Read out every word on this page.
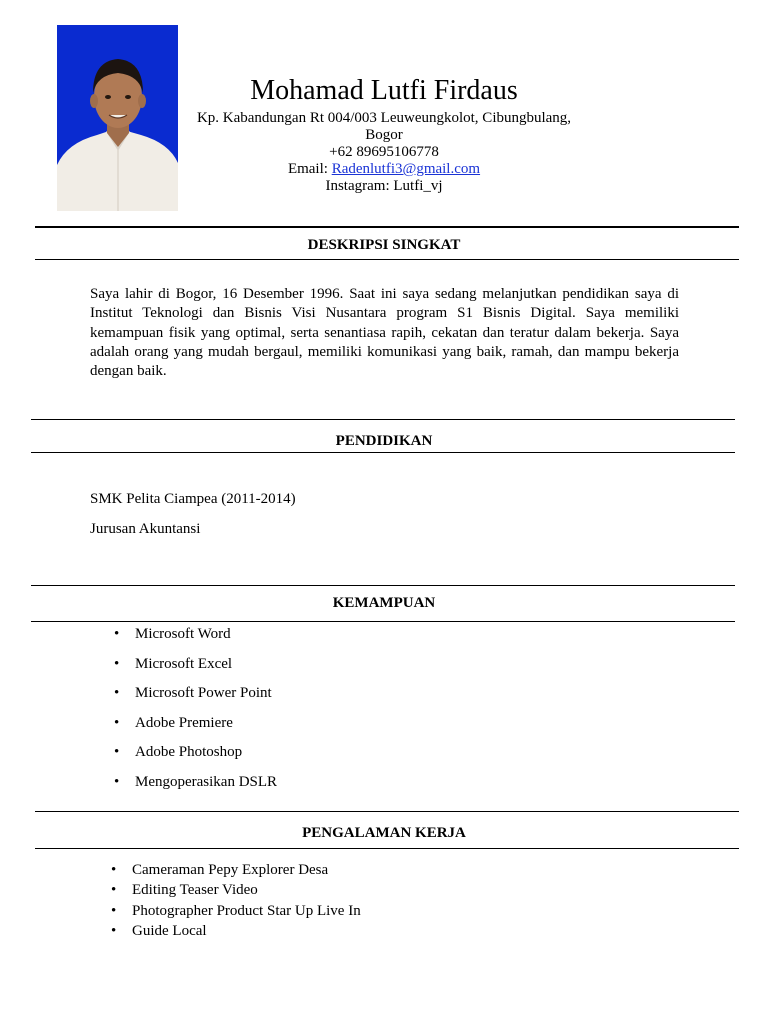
Mohamad Lutfi Firdaus
Kp. Kabandungan Rt 004/003 Leuweungkolot, Cibungbulang,
Bogor
+62 89695106778
Email: Radenlutfi3@gmail.com
Instagram: Lutfi_vj
DESKRIPSI SINGKAT
Saya lahir di Bogor, 16 Desember 1996. Saat ini saya sedang melanjutkan pendidikan saya di Institut Teknologi dan Bisnis Visi Nusantara program S1 Bisnis Digital. Saya memiliki kemampuan fisik yang optimal, serta senantiasa rapih, cekatan dan teratur dalam bekerja. Saya adalah orang yang mudah bergaul, memiliki komunikasi yang baik, ramah, dan mampu bekerja dengan baik.
PENDIDIKAN
SMK Pelita Ciampea (2011-2014)
Jurusan Akuntansi
KEMAMPUAN
• Microsoft Word
• Microsoft Excel
• Microsoft Power Point
• Adobe Premiere
• Adobe Photoshop
• Mengoperasikan DSLR
PENGALAMAN KERJA
• Cameraman Pepy Explorer Desa
• Editing Teaser Video
• Photographer Product Star Up Live In
• Guide Local
